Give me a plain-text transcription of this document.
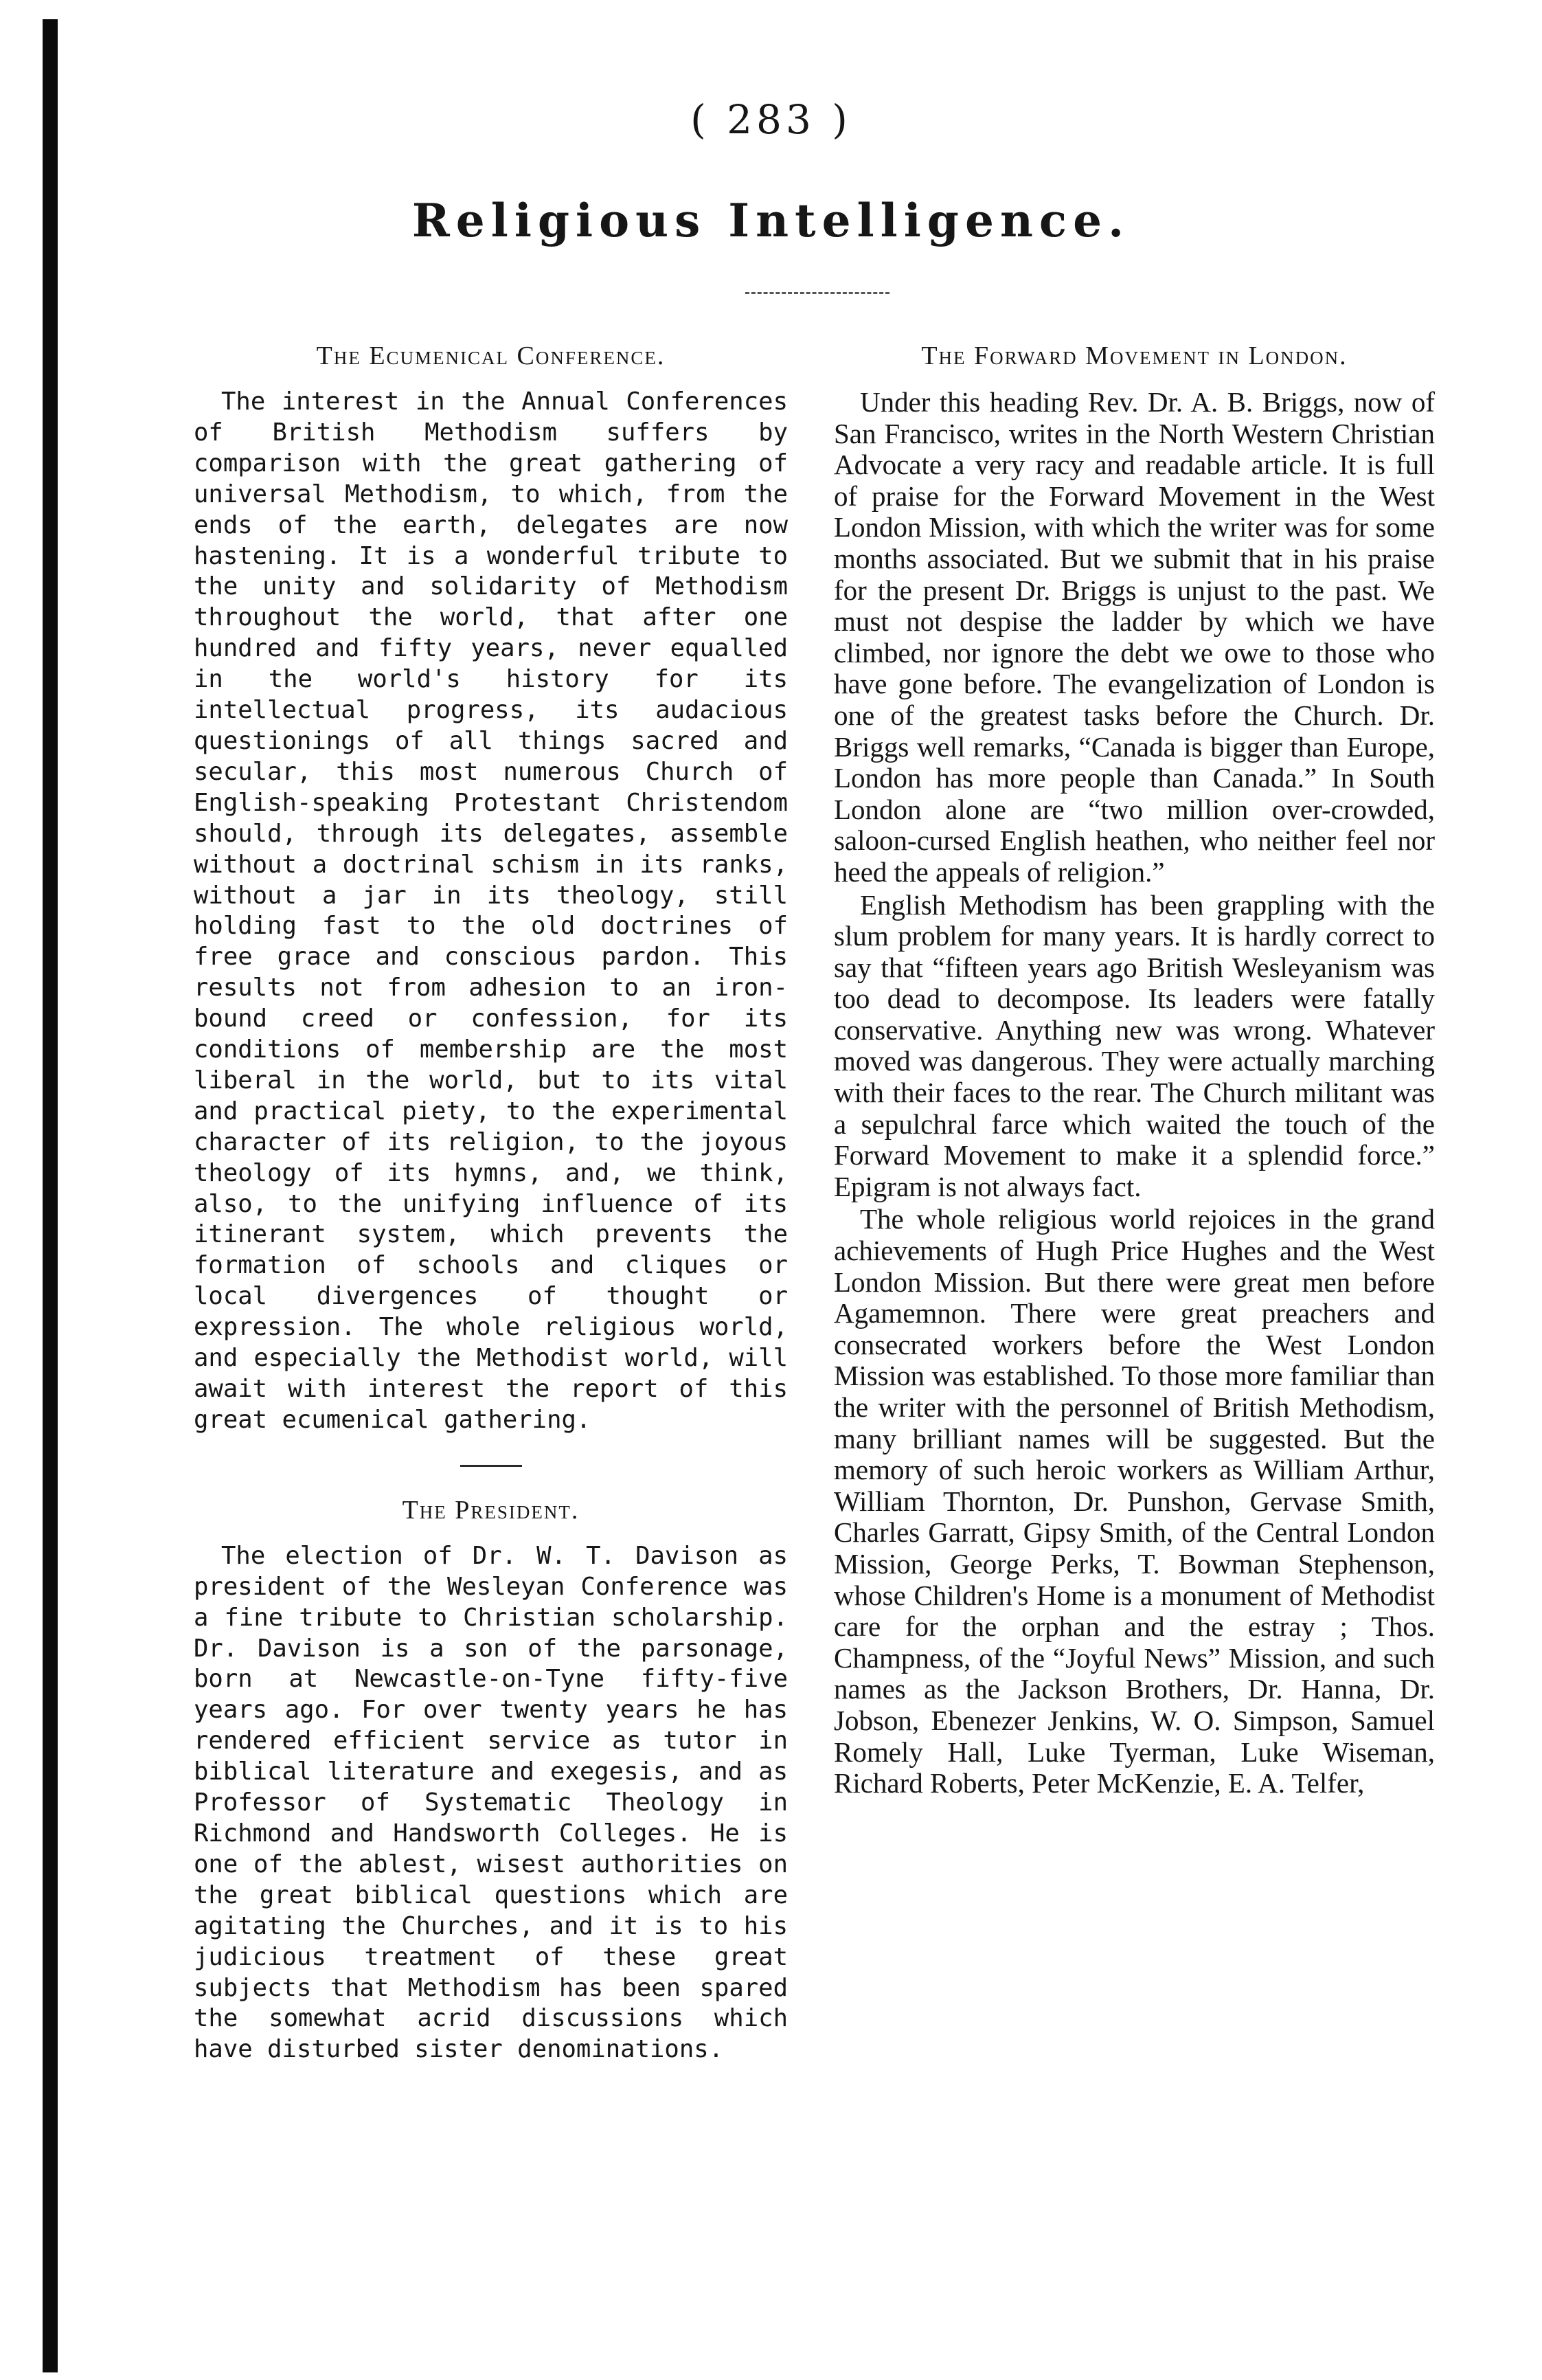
( 283 )
Religious Intelligence.
The Ecumenical Conference.

The interest in the Annual Conferences of British Methodism suffers by comparison with the great gathering of universal Methodism, to which, from the ends of the earth, delegates are now hastening. It is a wonderful tribute to the unity and solidarity of Methodism throughout the world, that after one hundred and fifty years, never equalled in the world's history for its intellectual progress, its audacious questionings of all things sacred and secular, this most numerous Church of English-speaking Protestant Christendom should, through its delegates, assemble without a doctrinal schism in its ranks, without a jar in its theology, still holding fast to the old doctrines of free grace and conscious pardon. This results not from adhesion to an iron-bound creed or confession, for its conditions of membership are the most liberal in the world, but to its vital and practical piety, to the experimental character of its religion, to the joyous theology of its hymns, and, we think, also, to the unifying influence of its itinerant system, which prevents the formation of schools and cliques or local divergences of thought or expression. The whole religious world, and especially the Methodist world, will await with interest the report of this great ecumenical gathering.

The President.

The election of Dr. W. T. Davison as president of the Wesleyan Conference was a fine tribute to Christian scholarship. Dr. Davison is a son of the parsonage, born at Newcastle-on-Tyne fifty-five years ago. For over twenty years he has rendered efficient service as tutor in biblical literature and exegesis, and as Professor of Systematic Theology in Richmond and Handsworth Colleges. He is one of the ablest, wisest authorities on the great biblical questions which are agitating the Churches, and it is to his judicious treatment of these great subjects that Methodism has been spared the somewhat acrid discussions which have disturbed sister denominations.

The Forward Movement in London.

Under this heading Rev. Dr. A. B. Briggs, now of San Francisco, writes in the North Western Christian Advocate a very racy and readable article. It is full of praise for the Forward Movement in the West London Mission, with which the writer was for some months associated. But we submit that in his praise for the present Dr. Briggs is unjust to the past. We must not despise the ladder by which we have climbed, nor ignore the debt we owe to those who have gone before. The evangelization of London is one of the greatest tasks before the Church. Dr. Briggs well remarks, “Canada is bigger than Europe, London has more people than Canada.” In South London alone are “two million over-crowded, saloon-cursed English heathen, who neither feel nor heed the appeals of religion.”

English Methodism has been grappling with the slum problem for many years. It is hardly correct to say that “fifteen years ago British Wesleyanism was too dead to decompose. Its leaders were fatally conservative. Anything new was wrong. Whatever moved was dangerous. They were actually marching with their faces to the rear. The Church militant was a sepulchral farce which waited the touch of the Forward Movement to make it a splendid force.” Epigram is not always fact.

The whole religious world rejoices in the grand achievements of Hugh Price Hughes and the West London Mission. But there were great men before Agamemnon. There were great preachers and consecrated workers before the West London Mission was established. To those more familiar than the writer with the personnel of British Methodism, many brilliant names will be suggested. But the memory of such heroic workers as William Arthur, William Thornton, Dr. Punshon, Gervase Smith, Charles Garratt, Gipsy Smith, of the Central London Mission, George Perks, T. Bowman Stephenson, whose Children's Home is a monument of Methodist care for the orphan and the estray ; Thos. Champness, of the “Joyful News” Mission, and such names as the Jackson Brothers, Dr. Hanna, Dr. Jobson, Ebenezer Jenkins, W. O. Simpson, Samuel Romely Hall, Luke Tyerman, Luke Wiseman, Richard Roberts, Peter McKenzie, E. A. Telfer,
